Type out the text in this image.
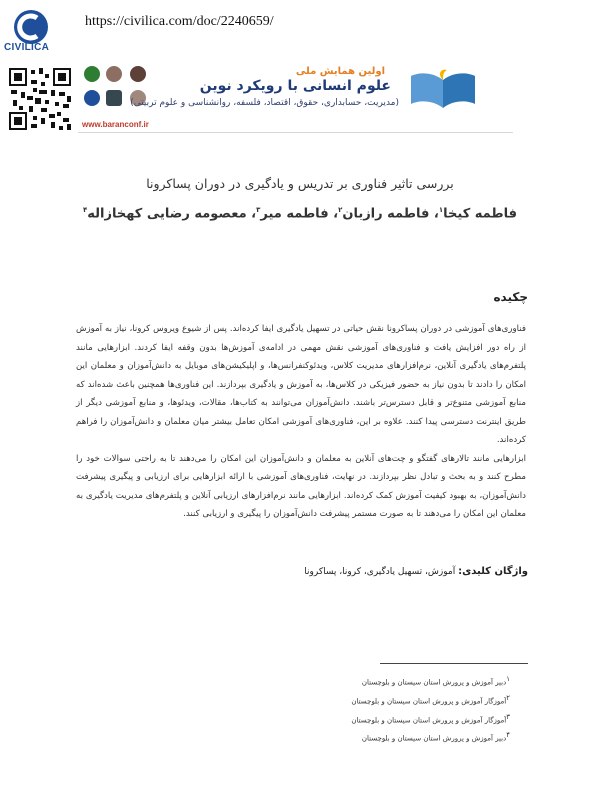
CIVILICA
https://civilica.com/doc/2240659/
www.baranconf.ir
اولین همایش ملی
علوم انسانی با رویکرد نوین
(مدیریت، حسابداری، حقوق، اقتصاد، فلسفه، روانشناسی و علوم تربیتی)
بررسی تاثیر فناوری بر تدریس و یادگیری در دوران پساکرونا
فاطمه کیخا$^۱$، فاطمه رازبان$^۲$، فاطمه میر$^۳$، معصومه رضایی کهخازاله$^۴$
چکیده

فناوری‌های آموزشی در دوران پساکرونا نقش حیاتی در تسهیل یادگیری ایفا کرده‌اند. پس از شیوع ویروس کرونا، نیاز به آموزش از راه دور افزایش یافت و فناوری‌های آموزشی نقش مهمی در ادامه‌ی آموزش‌ها بدون وقفه ایفا کردند. ابزارهایی مانند پلتفرم‌های یادگیری آنلاین، نرم‌افزارهای مدیریت کلاس، ویدئوکنفرانس‌ها، و اپلیکیشن‌های موبایل به دانش‌آموزان و معلمان این امکان را دادند تا بدون نیاز به حضور فیزیکی در کلاس‌ها، به آموزش و یادگیری بپردازند. این فناوری‌ها همچنین باعث شده‌اند که منابع آموزشی متنوع‌تر و قابل دسترس‌تر باشند. دانش‌آموزان می‌توانند به کتاب‌ها، مقالات، ویدئوها، و منابع آموزشی دیگر از طریق اینترنت دسترسی پیدا کنند. علاوه بر این، فناوری‌های آموزشی امکان تعامل بیشتر میان معلمان و دانش‌آموزان را فراهم کرده‌اند.

ابزارهایی مانند تالارهای گفتگو و چت‌های آنلاین به معلمان و دانش‌آموزان این امکان را می‌دهند تا به راحتی سوالات خود را مطرح کنند و به بحث و تبادل نظر بپردازند. در نهایت، فناوری‌های آموزشی با ارائه ابزارهایی برای ارزیابی و پیگیری پیشرفت دانش‌آموزان، به بهبود کیفیت آموزش کمک کرده‌اند. ابزارهایی مانند نرم‌افزارهای ارزیابی آنلاین و پلتفرم‌های مدیریت یادگیری به معلمان این امکان را می‌دهند تا به صورت مستمر پیشرفت دانش‌آموزان را پیگیری و ارزیابی کنند.

واژگان کلیدی: آموزش، تسهیل یادگیری، کرونا، پساکرونا
$^۱$دبیر آموزش و پرورش استان سیستان و بلوچستان
$^۲$آموزگار آموزش و پرورش استان سیستان و بلوچستان
$^۳$آموزگار آموزش و پرورش استان سیستان و بلوچستان
$^۴$دبیر آموزش و پرورش استان سیستان و بلوچستان
